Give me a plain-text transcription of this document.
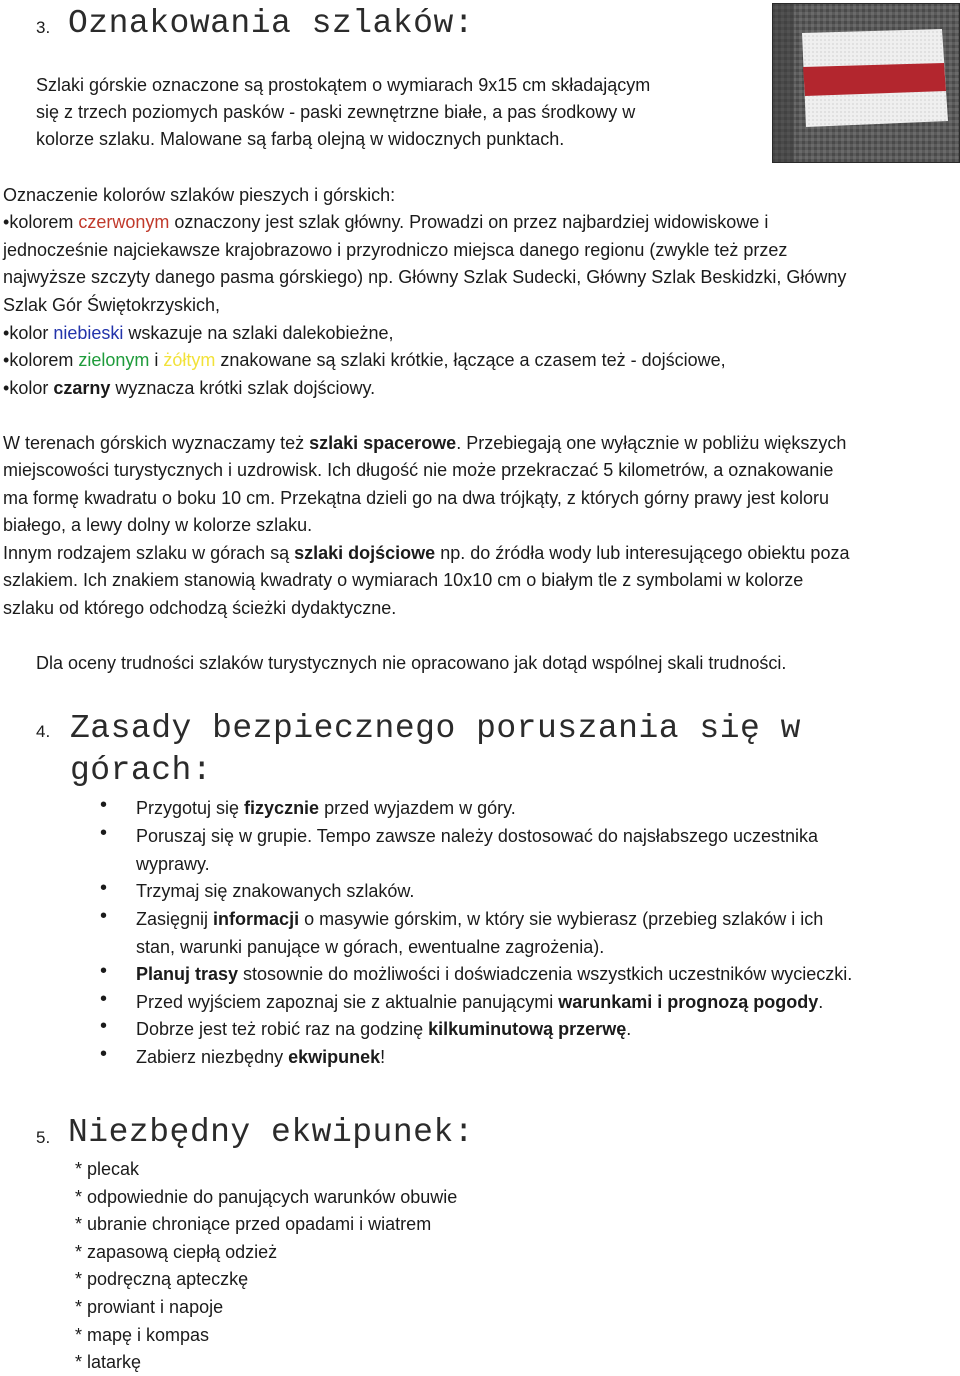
3. Oznakowania szlaków:
Szlaki górskie oznaczone są prostokątem o wymiarach 9x15 cm składającym
się z trzech poziomych pasków - paski zewnętrzne białe, a pas środkowy w
kolorze szlaku. Malowane są farbą olejną w widocznych punktach.
Oznaczenie kolorów szlaków pieszych i górskich:
•kolorem czerwonym oznaczony jest szlak główny. Prowadzi on przez najbardziej widowiskowe i
jednocześnie najciekawsze krajobrazowo i przyrodniczo miejsca danego regionu (zwykle też przez
najwyższe szczyty danego pasma górskiego) np. Główny Szlak Sudecki, Główny Szlak Beskidzki, Główny
Szlak Gór Świętokrzyskich,
•kolor niebieski wskazuje na szlaki dalekobieżne,
•kolorem zielonym i żółtym znakowane są szlaki krótkie, łączące a czasem też - dojściowe,
•kolor czarny wyznacza krótki szlak dojściowy.
W terenach górskich wyznaczamy też szlaki spacerowe. Przebiegają one wyłącznie w pobliżu większych
miejscowości turystycznych i uzdrowisk. Ich długość nie może przekraczać 5 kilometrów, a oznakowanie
ma formę kwadratu o boku 10 cm. Przekątna dzieli go na dwa trójkąty, z których górny prawy jest koloru
białego, a lewy dolny w kolorze szlaku.
Innym rodzajem szlaku w górach są szlaki dojściowe np. do źródła wody lub interesującego obiektu poza
szlakiem. Ich znakiem stanowią kwadraty o wymiarach 10x10 cm o białym tle z symbolami w kolorze
szlaku od którego odchodzą ścieżki dydaktyczne.
Dla oceny trudności szlaków turystycznych nie opracowano jak dotąd wspólnej skali trudności.
4. Zasady bezpiecznego poruszania się w
górach:
• Przygotuj się fizycznie przed wyjazdem w góry.
• Poruszaj się w grupie. Tempo zawsze należy dostosować do najsłabszego uczestnika
wyprawy.
• Trzymaj się znakowanych szlaków.
• Zasięgnij informacji o masywie górskim, w który sie wybierasz (przebieg szlaków i ich
stan, warunki panujące w górach, ewentualne zagrożenia).
• Planuj trasy stosownie do możliwości i doświadczenia wszystkich uczestników wycieczki.
• Przed wyjściem zapoznaj sie z aktualnie panującymi warunkami i prognozą pogody.
• Dobrze jest też robić raz na godzinę kilkuminutową przerwę.
• Zabierz niezbędny ekwipunek!
5. Niezbędny ekwipunek:
* plecak
* odpowiednie do panujących warunków obuwie
* ubranie chroniące przed opadami i wiatrem
* zapasową ciepłą odzież
* podręczną apteczkę
* prowiant i napoje
* mapę i kompas
* latarkę
